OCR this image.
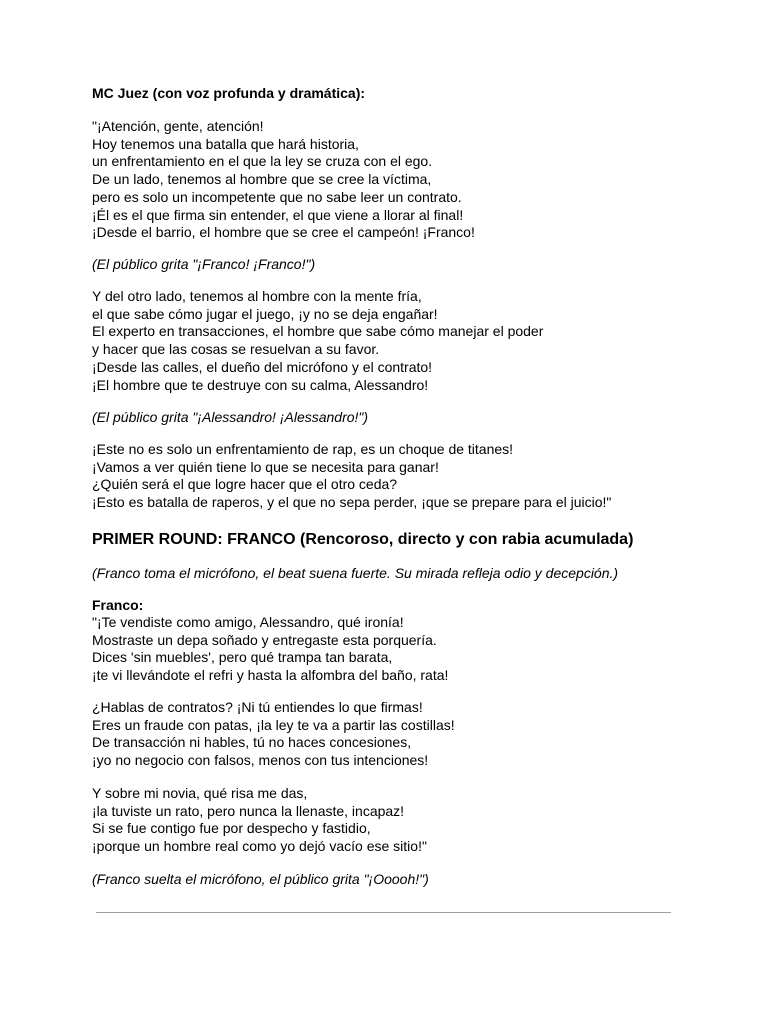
MC Juez (con voz profunda y dramática):
"¡Atención, gente, atención!
Hoy tenemos una batalla que hará historia,
un enfrentamiento en el que la ley se cruza con el ego.
De un lado, tenemos al hombre que se cree la víctima,
pero es solo un incompetente que no sabe leer un contrato.
¡Él es el que firma sin entender, el que viene a llorar al final!
¡Desde el barrio, el hombre que se cree el campeón! ¡Franco!
(El público grita "¡Franco! ¡Franco!")
Y del otro lado, tenemos al hombre con la mente fría,
el que sabe cómo jugar el juego, ¡y no se deja engañar!
El experto en transacciones, el hombre que sabe cómo manejar el poder
y hacer que las cosas se resuelvan a su favor.
¡Desde las calles, el dueño del micrófono y el contrato!
¡El hombre que te destruye con su calma, Alessandro!
(El público grita "¡Alessandro! ¡Alessandro!")
¡Este no es solo un enfrentamiento de rap, es un choque de titanes!
¡Vamos a ver quién tiene lo que se necesita para ganar!
¿Quién será el que logre hacer que el otro ceda?
¡Esto es batalla de raperos, y el que no sepa perder, ¡que se prepare para el juicio!"
PRIMER ROUND: FRANCO (Rencoroso, directo y con rabia acumulada)
(Franco toma el micrófono, el beat suena fuerte. Su mirada refleja odio y decepción.)
Franco:
"¡Te vendiste como amigo, Alessandro, qué ironía!
Mostraste un depa soñado y entregaste esta porquería.
Dices 'sin muebles', pero qué trampa tan barata,
¡te vi llevándote el refri y hasta la alfombra del baño, rata!
¿Hablas de contratos? ¡Ni tú entiendes lo que firmas!
Eres un fraude con patas, ¡la ley te va a partir las costillas!
De transacción ni hables, tú no haces concesiones,
¡yo no negocio con falsos, menos con tus intenciones!
Y sobre mi novia, qué risa me das,
¡la tuviste un rato, pero nunca la llenaste, incapaz!
Si se fue contigo fue por despecho y fastidio,
¡porque un hombre real como yo dejó vacío ese sitio!"
(Franco suelta el micrófono, el público grita "¡Ooooh!")
